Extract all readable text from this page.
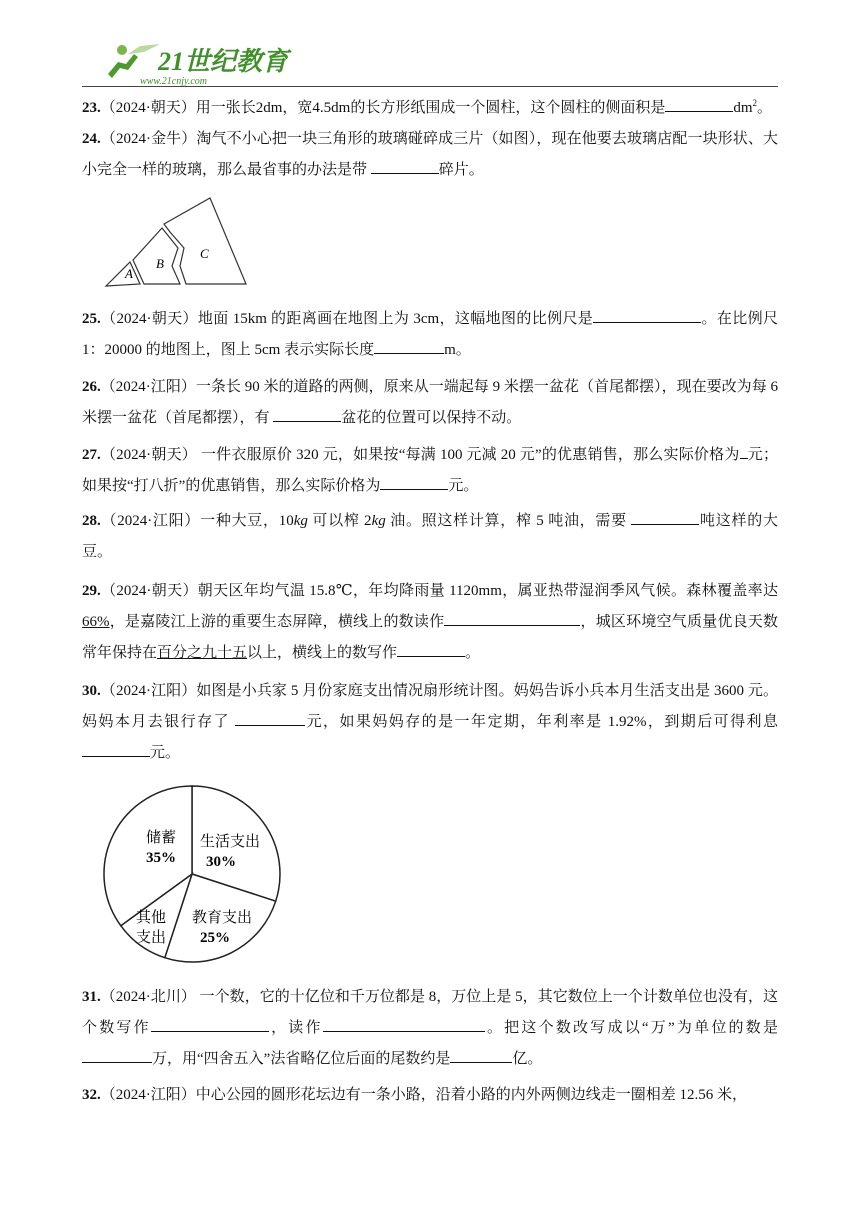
21世纪教育
www.21cnjy.com
23.（2024·朝天）用一张长2dm，宽4.5dm的长方形纸围成一个圆柱，这个圆柱的侧面积是	$dm^2$。
24.（2024·金牛）淘气不小心把一块三角形的玻璃碰碎成三片（如图），现在他要去玻璃店配一块形状、大小完全一样的玻璃，那么最省事的办法是带	碎片。
A
B
C
25.（2024·朝天）地面 15km 的距离画在地图上为 3cm，这幅地图的比例尺是	。在比例尺 1：20000 的地图上，图上 5cm 表示实际长度	m。
26.（2024·江阳）一条长 90 米的道路的两侧，原来从一端起每 9 米摆一盆花（首尾都摆），现在要改为每 6 米摆一盆花（首尾都摆），有	盆花的位置可以保持不动。
27.（2024·朝天） 一件衣服原价 320 元，如果按“每满 100 元减 20 元”的优惠销售，那么实际价格为 元；如果按“打八折”的优惠销售，那么实际价格为	元。
28.（2024·江阳）一种大豆，10kg 可以榨 2kg 油。照这样计算，榨 5 吨油，需要	吨这样的大豆。
29.（2024·朝天）朝天区年均气温 15.8℃，年均降雨量 1120mm，属亚热带湿润季风气候。森林覆盖率达 66%，是嘉陵江上游的重要生态屏障，横线上的数读作	，城区环境空气质量优良天数常年保持在百分之九十五以上，横线上的数写作	。
30.（2024·江阳）如图是小兵家 5 月份家庭支出情况扇形统计图。妈妈告诉小兵本月生活支出是 3600 元。妈妈本月去银行存了	元，如果妈妈存的是一年定期，年利率是 1.92%，到期后可得利息 元。
储蓄
35%
生活支出
30%
教育支出
25%
其他
支出
31.（2024·北川） 一个数，它的十亿位和千万位都是 8，万位上是 5，其它数位上一个计数单位也没有，这个数写作	，读作	。把这个数改写成以“万”为单位的数是万，用“四舍五入”法省略亿位后面的尾数约是	亿。
32.（2024·江阳）中心公园的圆形花坛边有一条小路，沿着小路的内外两侧边线走一圈相差 12.56 米，
